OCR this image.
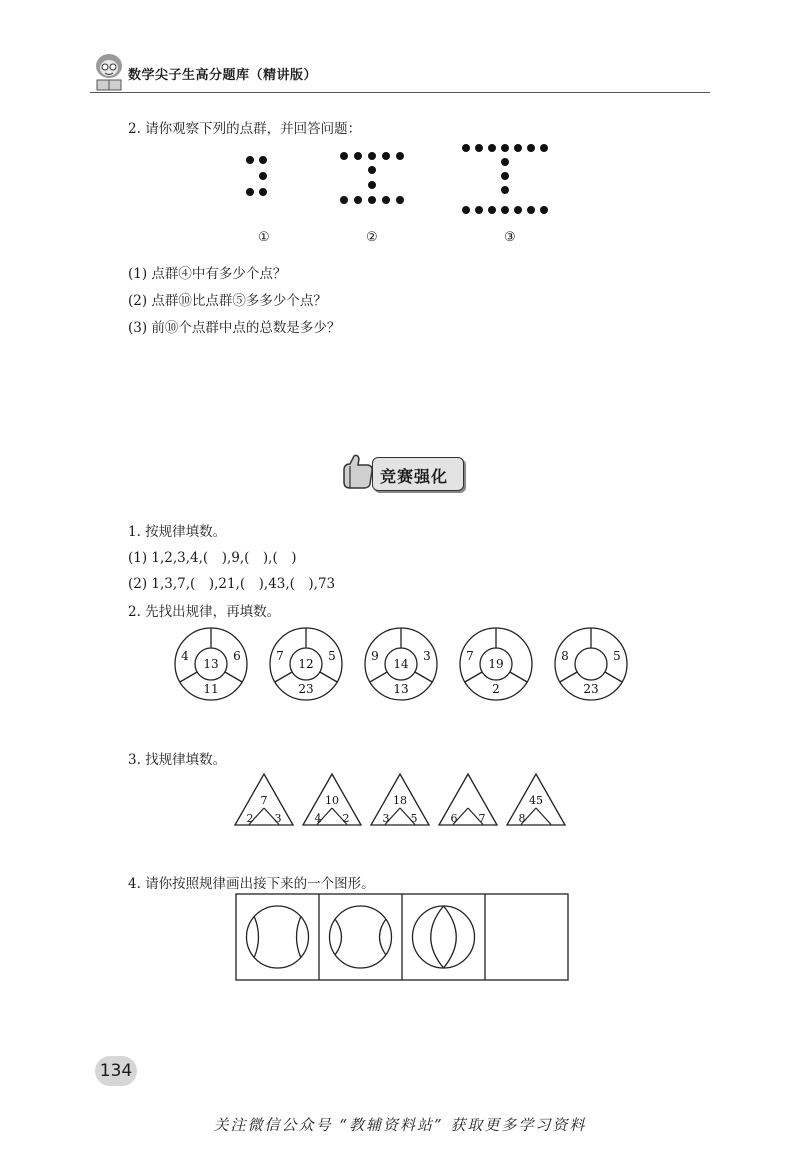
数学尖子生高分题库（精讲版）
2. 请你观察下列的点群，并回答问题：
①	②	③
(1) 点群④中有多少个点？
(2) 点群⑩比点群⑤多多少个点？
(3) 前⑩个点群中点的总数是多少？
竞赛强化
1. 按规律填数。
(1) 1,2,3,4,(　),9,(　),(　)
(2) 1,3,7,(　),21,(　),43,(　),73
2. 先找出规律，再填数。
4
13
6
11
7
12
5
23
9
14
3
13
7
19
2
8	5
23
3. 找规律填数。
7
2 3
10
4 2
18
3 5	6 7
45
8
4. 请你按照规律画出接下来的一个图形。
134
关注微信公众号 “教辅资料站” 获取更多学习资料
